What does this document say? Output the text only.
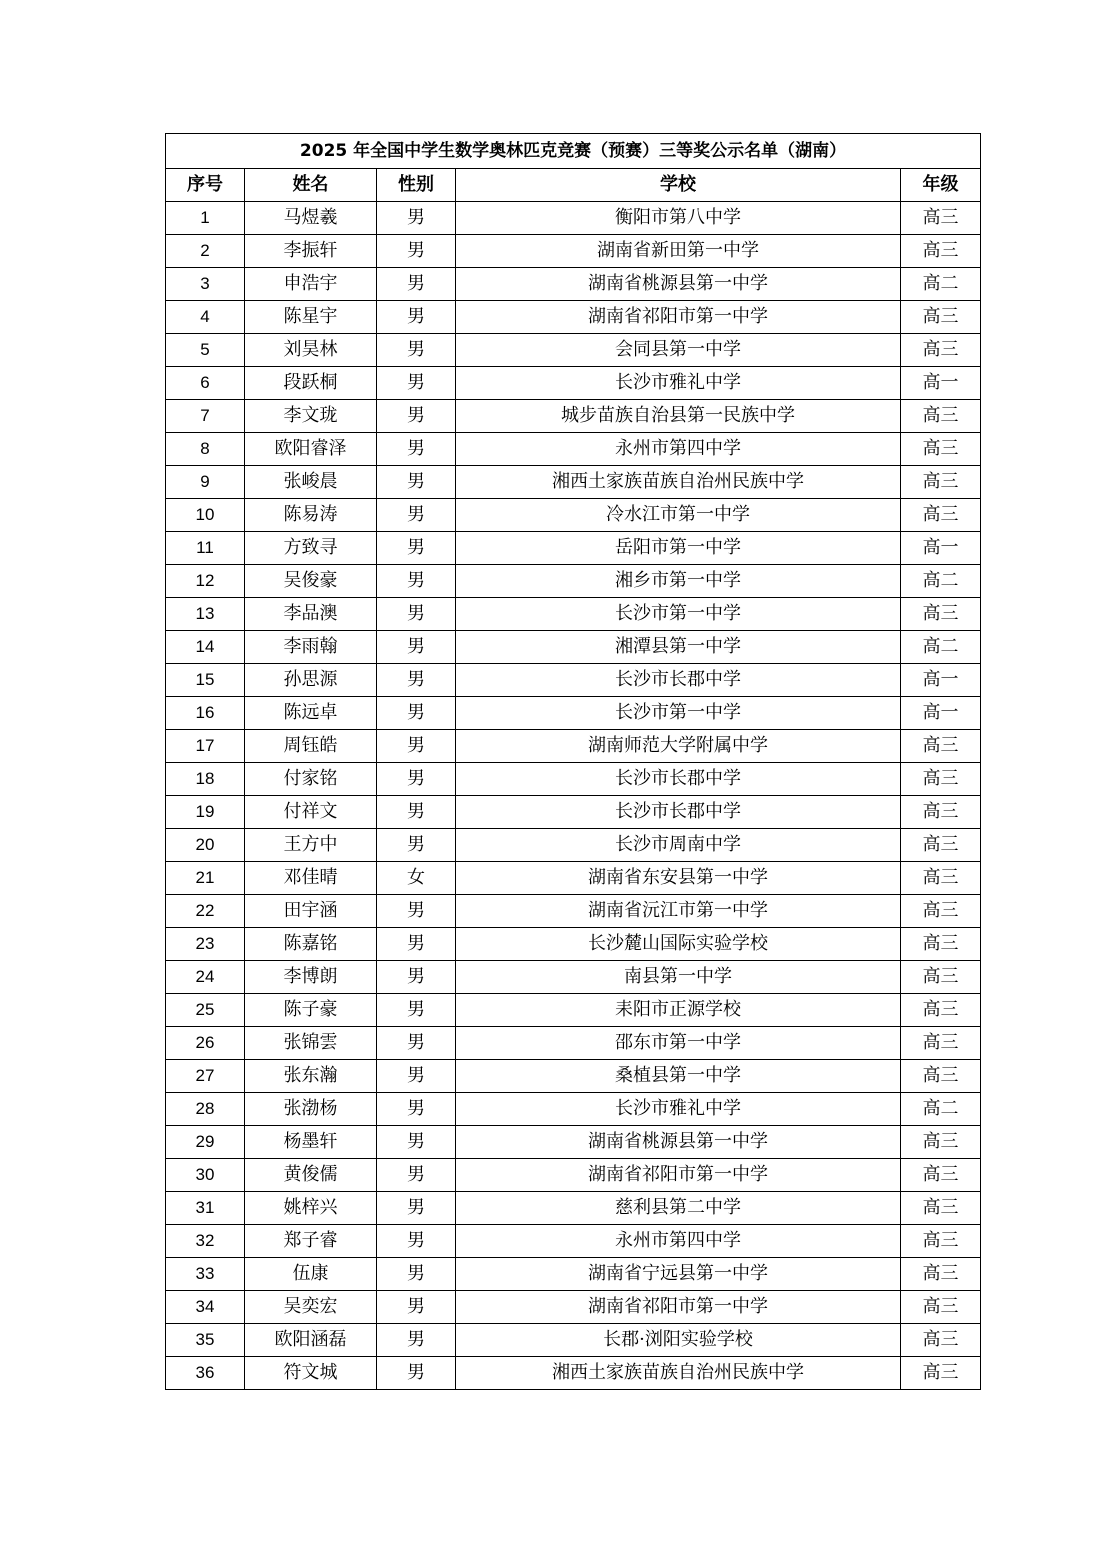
2025 年全国中学生数学奥林匹克竞赛（预赛）三等奖公示名单（湖南）				
序号	姓名	性别	学校	年级
1	马煜羲	男	衡阳市第八中学	高三
2	李振轩	男	湖南省新田第一中学	高三
3	申浩宇	男	湖南省桃源县第一中学	高二
4	陈星宇	男	湖南省祁阳市第一中学	高三
5	刘昊林	男	会同县第一中学	高三
6	段跃桐	男	长沙市雅礼中学	高一
7	李文珑	男	城步苗族自治县第一民族中学	高三
8	欧阳睿泽	男	永州市第四中学	高三
9	张峻晨	男	湘西土家族苗族自治州民族中学	高三
10	陈易涛	男	冷水江市第一中学	高三
11	方致寻	男	岳阳市第一中学	高一
12	吴俊豪	男	湘乡市第一中学	高二
13	李品澳	男	长沙市第一中学	高三
14	李雨翰	男	湘潭县第一中学	高二
15	孙思源	男	长沙市长郡中学	高一
16	陈远卓	男	长沙市第一中学	高一
17	周钰皓	男	湖南师范大学附属中学	高三
18	付家铭	男	长沙市长郡中学	高三
19	付祥文	男	长沙市长郡中学	高三
20	王方中	男	长沙市周南中学	高三
21	邓佳晴	女	湖南省东安县第一中学	高三
22	田宇涵	男	湖南省沅江市第一中学	高三
23	陈嘉铭	男	长沙麓山国际实验学校	高三
24	李博朗	男	南县第一中学	高三
25	陈子豪	男	耒阳市正源学校	高三
26	张锦雲	男	邵东市第一中学	高三
27	张东瀚	男	桑植县第一中学	高三
28	张渤杨	男	长沙市雅礼中学	高二
29	杨墨轩	男	湖南省桃源县第一中学	高三
30	黄俊儒	男	湖南省祁阳市第一中学	高三
31	姚梓兴	男	慈利县第二中学	高三
32	郑子睿	男	永州市第四中学	高三
33	伍康	男	湖南省宁远县第一中学	高三
34	吴奕宏	男	湖南省祁阳市第一中学	高三
35	欧阳涵磊	男	长郡·浏阳实验学校	高三
36	符文城	男	湘西土家族苗族自治州民族中学	高三
